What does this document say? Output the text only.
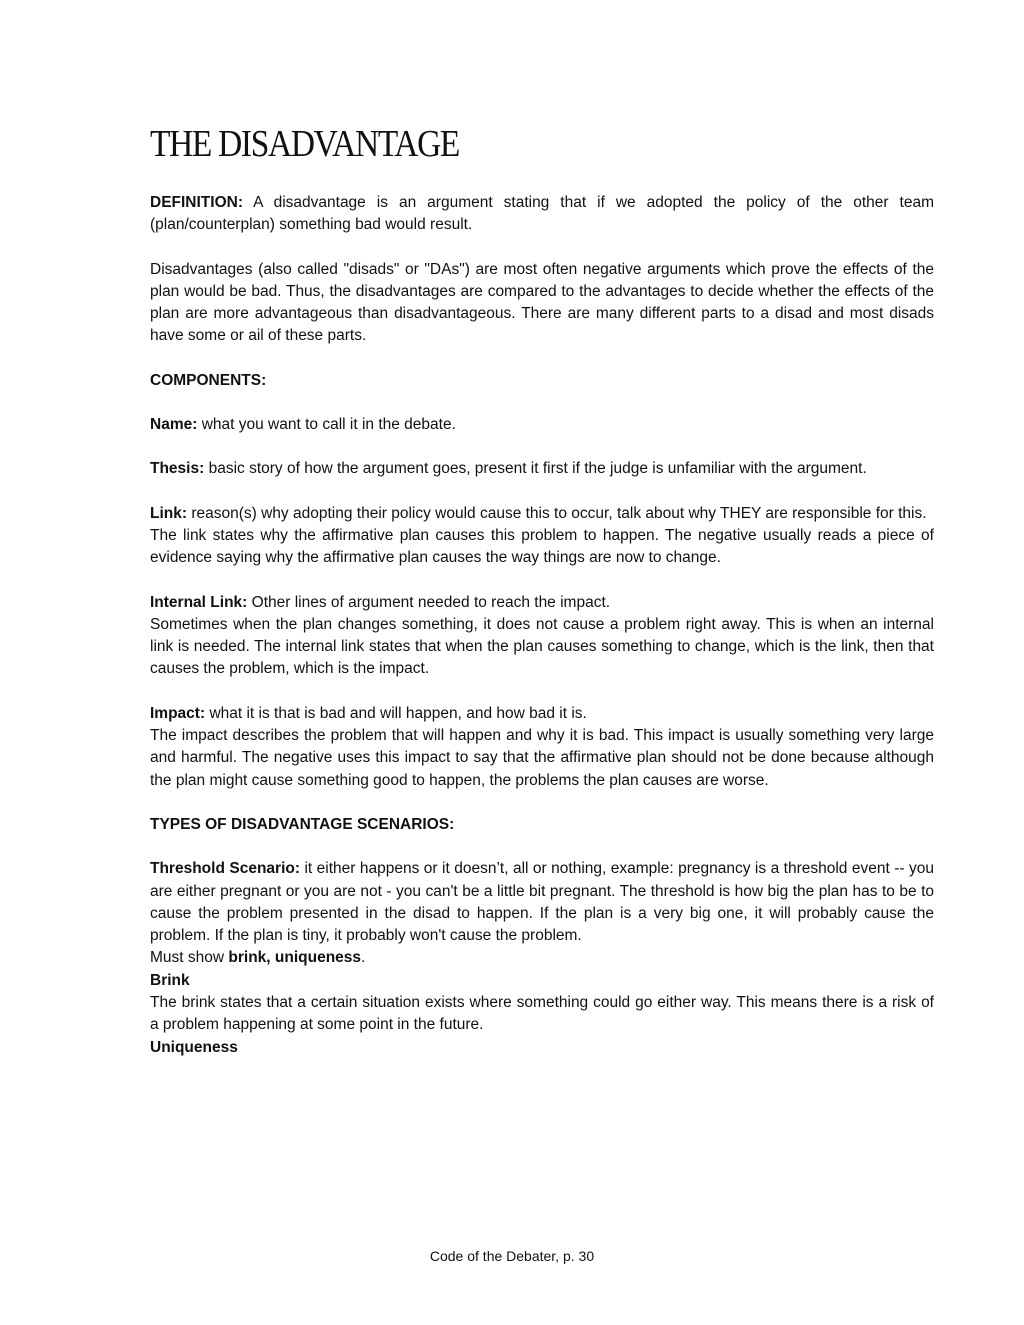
THE DISADVANTAGE

DEFINITION: A disadvantage is an argument stating that if we adopted the policy of the other team (plan/counterplan) something bad would result.

Disadvantages (also called "disads" or "DAs") are most often negative arguments which prove the effects of the plan would be bad. Thus, the disadvantages are compared to the advantages to decide whether the effects of the plan are more advantageous than disadvantageous. There are many different parts to a disad and most disads have some or ail of these parts.

COMPONENTS:

Name: what you want to call it in the debate.

Thesis: basic story of how the argument goes, present it first if the judge is unfamiliar with the argument.

Link: reason(s) why adopting their policy would cause this to occur, talk about why THEY are responsible for this.

The link states why the affirmative plan causes this problem to happen. The negative usually reads a piece of evidence saying why the affirmative plan causes the way things are now to change.

Internal Link: Other lines of argument needed to reach the impact.

Sometimes when the plan changes something, it does not cause a problem right away. This is when an internal link is needed. The internal link states that when the plan causes something to change, which is the link, then that causes the problem, which is the impact.

Impact: what it is that is bad and will happen, and how bad it is.

The impact describes the problem that will happen and why it is bad. This impact is usually something very large and harmful. The negative uses this impact to say that the affirmative plan should not be done because although the plan might cause something good to happen, the problems the plan causes are worse.

TYPES OF DISADVANTAGE SCENARIOS:

Threshold Scenario: it either happens or it doesn’t, all or nothing, example: pregnancy is a threshold event -- you are either pregnant or you are not - you can't be a little bit pregnant. The threshold is how big the plan has to be to cause the problem presented in the disad to happen. If the plan is a very big one, it will probably cause the problem. If the plan is tiny, it probably won't cause the problem.

Must show brink, uniqueness.

Brink

The brink states that a certain situation exists where something could go either way. This means there is a risk of a problem happening at some point in the future.

Uniqueness

Code of the Debater, p. 30
